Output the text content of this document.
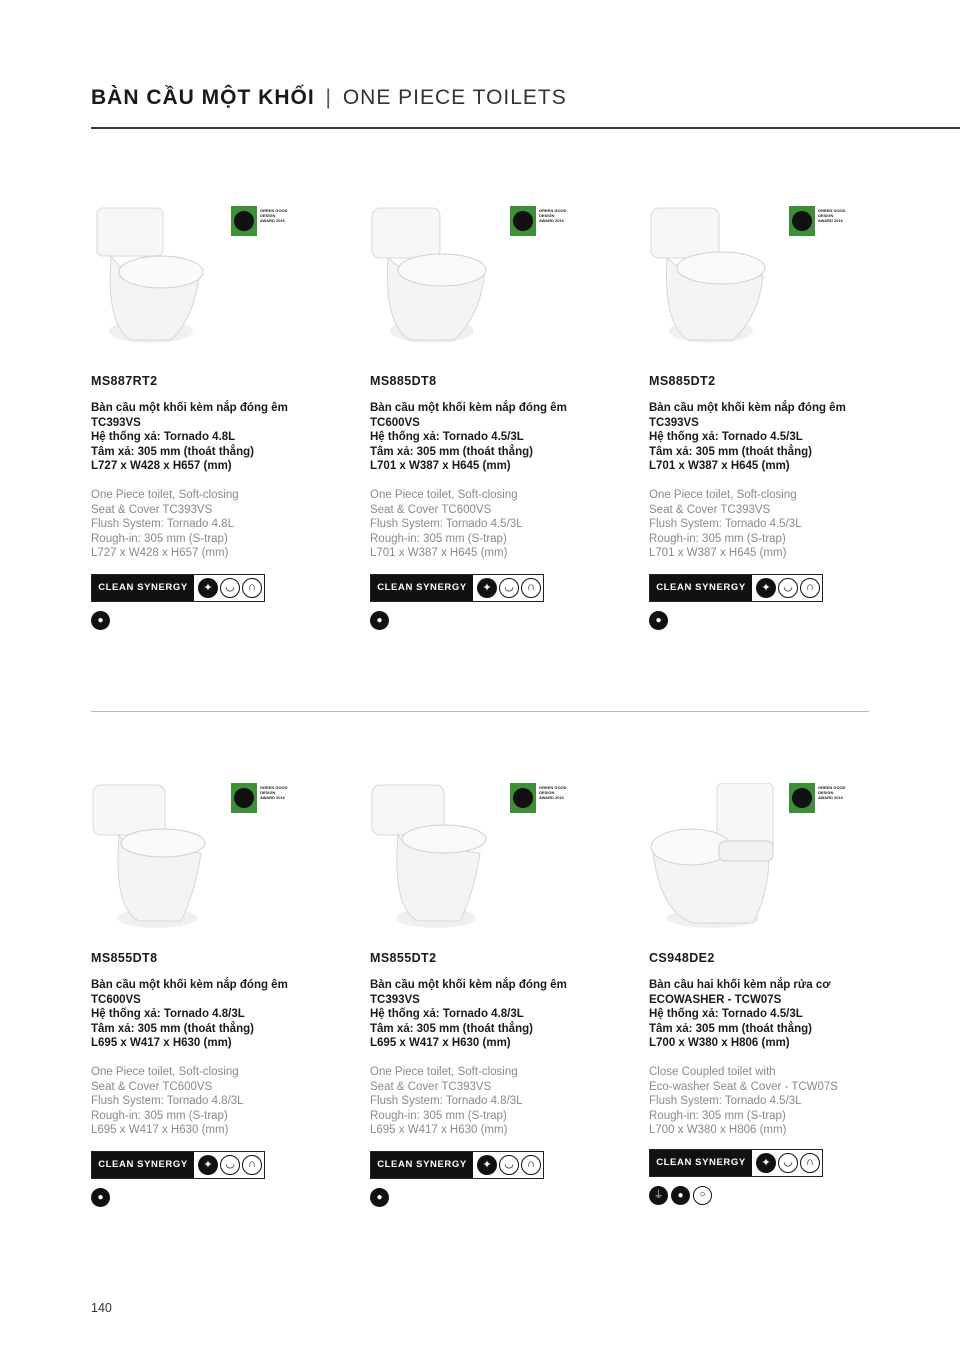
BÀN CẦU MỘT KHỐI | ONE PIECE TOILETS
GREEN GOOD DESIGN AWARD 2016
MS887RT2
Bàn cầu một khối kèm nắp đóng êm
TC393VS
Hệ thống xả: Tornado 4.8L
Tâm xả: 305 mm (thoát thẳng)
L727 x W428 x H657 (mm)
One Piece toilet, Soft-closing
Seat & Cover TC393VS
Flush System: Tornado 4.8L
Rough-in: 305 mm (S-trap)
L727 x W428 x H657 (mm)
CLEAN SYNERGY	✦	◡	∩
●
GREEN GOOD DESIGN AWARD 2016
MS885DT8
Bàn cầu một khối kèm nắp đóng êm
TC600VS
Hệ thống xả: Tornado 4.5/3L
Tâm xả: 305 mm (thoát thẳng)
L701 x W387 x H645 (mm)
One Piece toilet, Soft-closing
Seat & Cover TC600VS
Flush System: Tornado 4.5/3L
Rough-in: 305 mm (S-trap)
L701 x W387 x H645 (mm)
CLEAN SYNERGY	✦	◡	∩
●
GREEN GOOD DESIGN AWARD 2016
MS885DT2
Bàn cầu một khối kèm nắp đóng êm
TC393VS
Hệ thống xả: Tornado 4.5/3L
Tâm xả: 305 mm (thoát thẳng)
L701 x W387 x H645 (mm)
One Piece toilet, Soft-closing
Seat & Cover TC393VS
Flush System: Tornado 4.5/3L
Rough-in: 305 mm (S-trap)
L701 x W387 x H645 (mm)
CLEAN SYNERGY	✦	◡	∩
●
GREEN GOOD DESIGN AWARD 2016
MS855DT8
Bàn cầu một khối kèm nắp đóng êm
TC600VS
Hệ thống xả: Tornado 4.8/3L
Tâm xả: 305 mm (thoát thẳng)
L695 x W417 x H630 (mm)
One Piece toilet, Soft-closing
Seat & Cover TC600VS
Flush System: Tornado 4.8/3L
Rough-in: 305 mm (S-trap)
L695 x W417 x H630 (mm)
CLEAN SYNERGY	✦	◡	∩
●
GREEN GOOD DESIGN AWARD 2016
MS855DT2
Bàn cầu một khối kèm nắp đóng êm
TC393VS
Hệ thống xả: Tornado 4.8/3L
Tâm xả: 305 mm (thoát thẳng)
L695 x W417 x H630 (mm)
One Piece toilet, Soft-closing
Seat & Cover TC393VS
Flush System: Tornado 4.8/3L
Rough-in: 305 mm (S-trap)
L695 x W417 x H630 (mm)
CLEAN SYNERGY	✦	◡	∩
●
GREEN GOOD DESIGN AWARD 2016
CS948DE2
Bàn cầu hai khối kèm nắp rửa cơ
ECOWASHER - TCW07S
Hệ thống xả: Tornado 4.5/3L
Tâm xả: 305 mm (thoát thẳng)
L700 x W380 x H806 (mm)
Close Coupled toilet with
Eco-washer Seat & Cover - TCW07S
Flush System: Tornado 4.5/3L
Rough-in: 305 mm (S-trap)
L700 x W380 x H806 (mm)
CLEAN SYNERGY	✦	◡	∩
⏚	●	○
140
